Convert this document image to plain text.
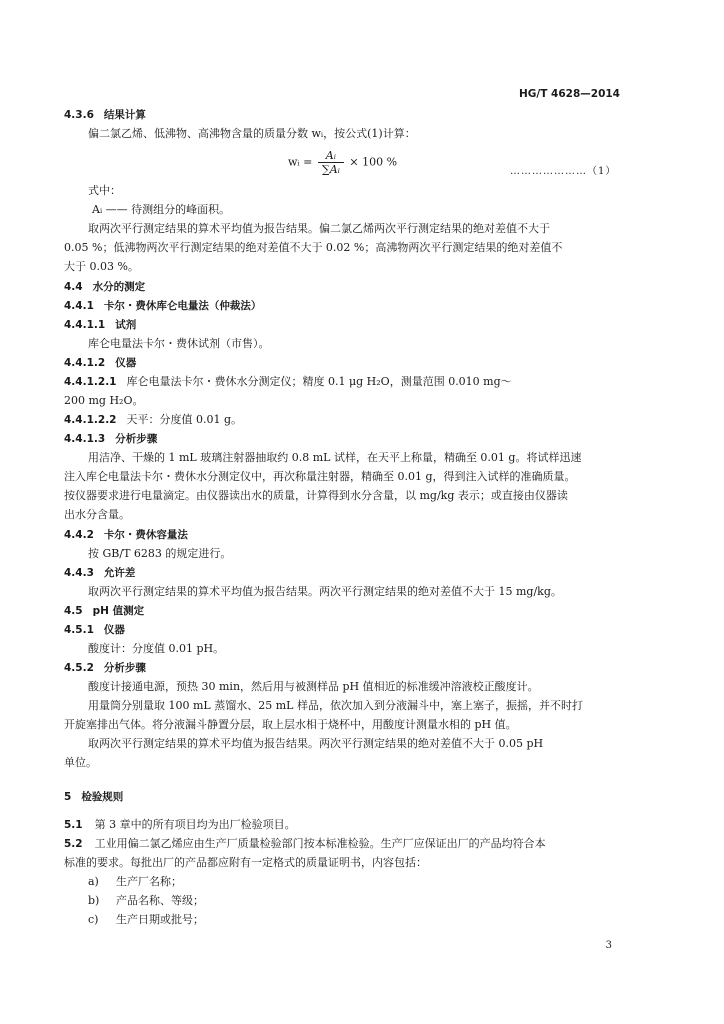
HG/T 4628—2014
4.3.6 结果计算
偏二氯乙烯、低沸物、高沸物含量的质量分数 wᵢ，按公式(1)计算：
wᵢ = $\frac{\text{Aᵢ}}{\text{∑Aᵢ}} \times 100$ %
…………………（1）
式中：
Aᵢ —— 待测组分的峰面积。
取两次平行测定结果的算术平均值为报告结果。偏二氯乙烯两次平行测定结果的绝对差值不大于
0.05 %；低沸物两次平行测定结果的绝对差值不大于 0.02 %；高沸物两次平行测定结果的绝对差值不
大于 0.03 %。
4.4 水分的测定
4.4.1 卡尔・费休库仑电量法（仲裁法）
4.4.1.1 试剂
库仑电量法卡尔・费休试剂（市售）。
4.4.1.2 仪器
4.4.1.2.1 库仑电量法卡尔・费休水分测定仪；精度 0.1 μg H₂O，测量范围 0.010 mg～
200 mg H₂O。
4.4.1.2.2 天平：分度值 0.01 g。
4.4.1.3 分析步骤
用洁净、干燥的 1 mL 玻璃注射器抽取约 0.8 mL 试样，在天平上称量，精确至 0.01 g。将试样迅速
注入库仑电量法卡尔・费休水分测定仪中，再次称量注射器，精确至 0.01 g，得到注入试样的准确质量。
按仪器要求进行电量滴定。由仪器读出水的质量，计算得到水分含量，以 mg/kg 表示；或直接由仪器读
出水分含量。
4.4.2 卡尔・费休容量法
按 GB/T 6283 的规定进行。
4.4.3 允许差
取两次平行测定结果的算术平均值为报告结果。两次平行测定结果的绝对差值不大于 15 mg/kg。
4.5 pH 值测定
4.5.1 仪器
酸度计：分度值 0.01 pH。
4.5.2 分析步骤
酸度计接通电源，预热 30 min，然后用与被测样品 pH 值相近的标准缓冲溶液校正酸度计。
用量筒分别量取 100 mL 蒸馏水、25 mL 样品，依次加入到分液漏斗中，塞上塞子，振摇，并不时打
开旋塞排出气体。将分液漏斗静置分层，取上层水相于烧杯中，用酸度计测量水相的 pH 值。
取两次平行测定结果的算术平均值为报告结果。两次平行测定结果的绝对差值不大于 0.05 pH
单位。
5 检验规则
5.1 第 3 章中的所有项目均为出厂检验项目。
5.2 工业用偏二氯乙烯应由生产厂质量检验部门按本标准检验。生产厂应保证出厂的产品均符合本
标准的要求。每批出厂的产品都应附有一定格式的质量证明书，内容包括：
a) 生产厂名称；
b) 产品名称、等级；
c) 生产日期或批号；
3
